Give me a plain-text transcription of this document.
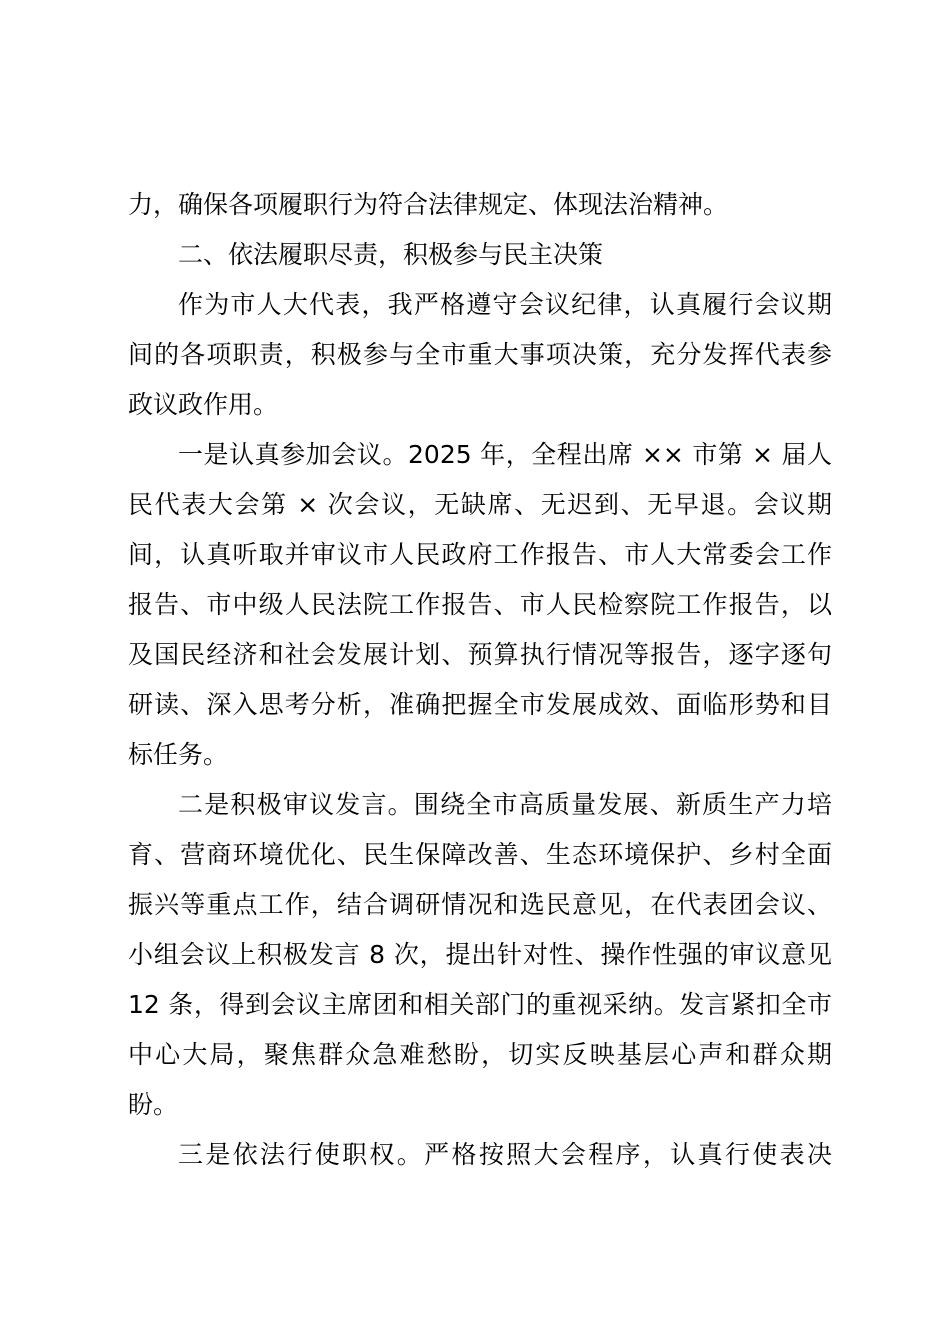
力，确保各项履职行为符合法律规定、体现法治精神。
二、依法履职尽责，积极参与民主决策
作为市人大代表，我严格遵守会议纪律，认真履行会议期
间的各项职责，积极参与全市重大事项决策，充分发挥代表参
政议政作用。
一是认真参加会议。2025 年，全程出席 ×× 市第 × 届人
民代表大会第 × 次会议，无缺席、无迟到、无早退。会议期
间，认真听取并审议市人民政府工作报告、市人大常委会工作
报告、市中级人民法院工作报告、市人民检察院工作报告，以
及国民经济和社会发展计划、预算执行情况等报告，逐字逐句
研读、深入思考分析，准确把握全市发展成效、面临形势和目
标任务。
二是积极审议发言。围绕全市高质量发展、新质生产力培
育、营商环境优化、民生保障改善、生态环境保护、乡村全面
振兴等重点工作，结合调研情况和选民意见，在代表团会议、
小组会议上积极发言 8 次，提出针对性、操作性强的审议意见
12 条，得到会议主席团和相关部门的重视采纳。发言紧扣全市
中心大局，聚焦群众急难愁盼，切实反映基层心声和群众期
盼。
三是依法行使职权。严格按照大会程序，认真行使表决
